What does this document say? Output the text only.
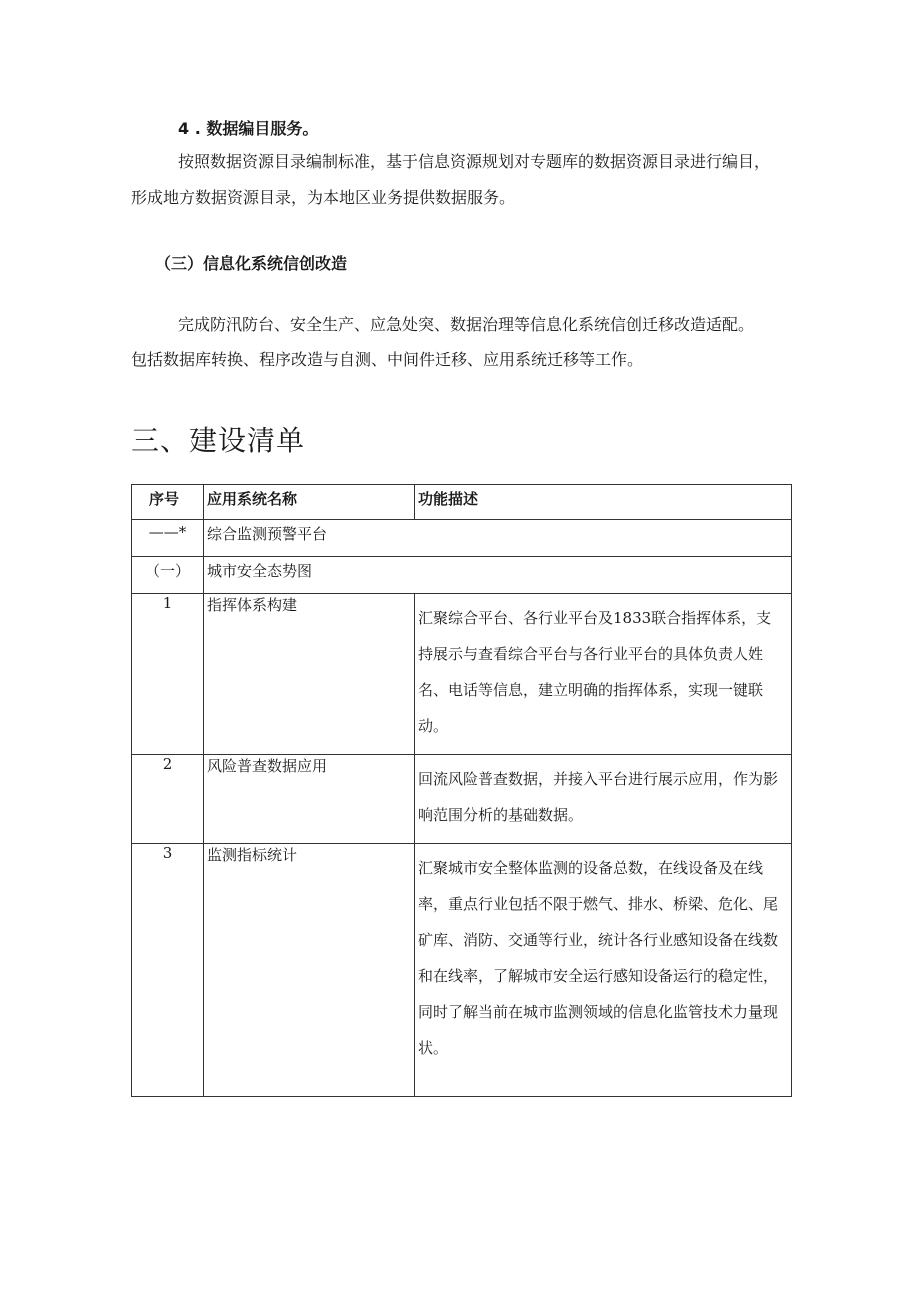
4 . 数据编目服务。
按照数据资源目录编制标准，基于信息资源规划对专题库的数据资源目录进行编目，
形成地方数据资源目录，为本地区业务提供数据服务。
（三）信息化系统信创改造
完成防汛防台、安全生产、应急处突、数据治理等信息化系统信创迁移改造适配。
包括数据库转换、程序改造与自测、中间件迁移、应用系统迁移等工作。
三、建设清单
序号	应用系统名称	功能描述

——*	综合监测预警平台	

（一）	城市安全态势图	

1	指挥体系构建	汇聚综合平台、各行业平台及1833联合指挥体系，支持展示与查看综合平台与各行业平台的具体负责人姓名、电话等信息，建立明确的指挥体系，实现一键联动。
2	风险普查数据应用	回流风险普查数据，并接入平台进行展示应用，作为影响范围分析的基础数据。
3	监测指标统计	汇聚城市安全整体监测的设备总数，在线设备及在线率，重点行业包括不限于燃气、排水、桥梁、危化、尾矿库、消防、交通等行业，统计各行业感知设备在线数和在线率，了解城市安全运行感知设备运行的稳定性，同时了解当前在城市监测领域的信息化监管技术力量现状。
